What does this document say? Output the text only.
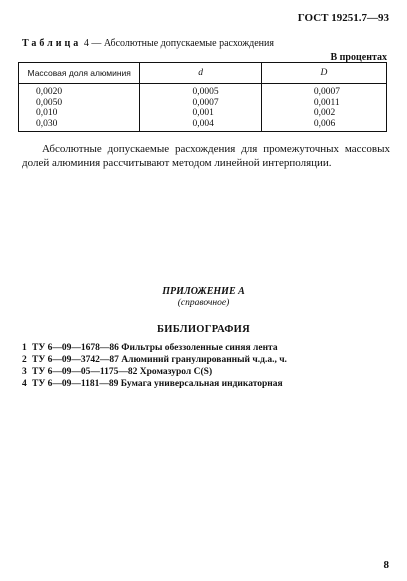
ГОСТ 19251.7—93
Таблица 4 — Абсолютные допускаемые расхождения
В процентах
Массовая доля алюминия	d	D
0,0020	0,0005	0,0007
0,0050	0,0007	0,0011
0,010	0,001	0,002
0,030	0,004	0,006
Абсолютные допускаемые расхождения для промежуточных массовых долей алюминия рассчитывают методом линейной интерполяции.
ПРИЛОЖЕНИЕ А
(справочное)
БИБЛИОГРАФИЯ
1 ТУ 6—09—1678—86 Фильтры обеззоленные синяя лента
2 ТУ 6—09—3742—87 Алюминий гранулированный ч.д.а., ч.
3 ТУ 6—09—05—1175—82 Хромазурол C(S)
4 ТУ 6—09—1181—89 Бумага универсальная индикаторная
8
